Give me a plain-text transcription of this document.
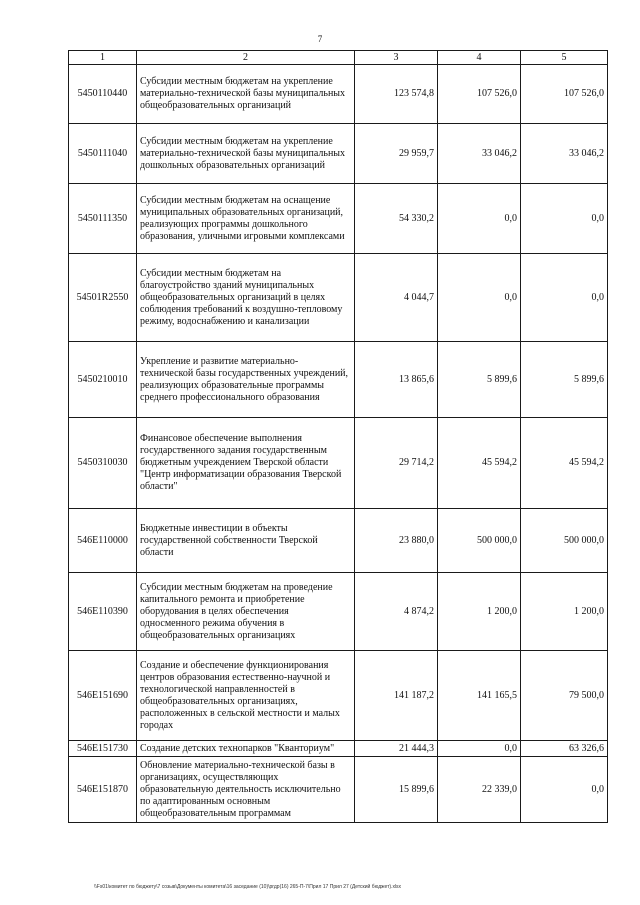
7
1	2	3	4	5
5450110440	Субсидии местным бюджетам на укрепление материально-технической базы муниципальных общеобразовательных организаций	123 574,8	107 526,0	107 526,0
5450111040	Субсидии местным бюджетам на укрепление материально-технической базы муниципальных дошкольных образовательных организаций	29 959,7	33 046,2	33 046,2
5450111350	Субсидии местным бюджетам на оснащение муниципальных образовательных организаций, реализующих программы дошкольного образования, уличными игровыми комплексами	54 330,2	0,0	0,0
54501R2550	Субсидии местным бюджетам на благоустройство зданий муниципальных общеобразовательных организаций в целях соблюдения требований к воздушно-тепловому режиму, водоснабжению и канализации	4 044,7	0,0	0,0
5450210010	Укрепление и развитие материально-технической базы государственных учреждений, реализующих образовательные программы среднего профессионального образования	13 865,6	5 899,6	5 899,6
5450310030	Финансовое обеспечение выполнения государственного задания государственным бюджетным учреждением Тверской области "Центр информатизации образования Тверской области"	29 714,2	45 594,2	45 594,2
546E110000	Бюджетные инвестиции в объекты государственной собственности Тверской области	23 880,0	500 000,0	500 000,0
546E110390	Субсидии местным бюджетам на проведение капитального ремонта и приобретение оборудования в целях обеспечения односменного режима обучения в общеобразовательных организациях	4 874,2	1 200,0	1 200,0
546E151690	Создание и обеспечение функционирования центров образования естественно-научной и технологической направленностей в общеобразовательных организациях, расположенных в сельской местности и малых городах	141 187,2	141 165,5	79 500,0
546E151730	Создание детских технопарков "Кванториум"	21 444,3	0,0	63 326,6
546E151870	Обновление материально-технической базы в организациях, осуществляющих образовательную деятельность исключительно по адаптированным основным общеобразовательным программам	15 899,6	22 339,0	0,0
\\Fs01\комитет по бюджету\7 созыв\Документы комитета\16 заседание (10)\ргдр(16) 265-П-7\Прил 17 Прил 27 (Детский бюджет).xlsx
